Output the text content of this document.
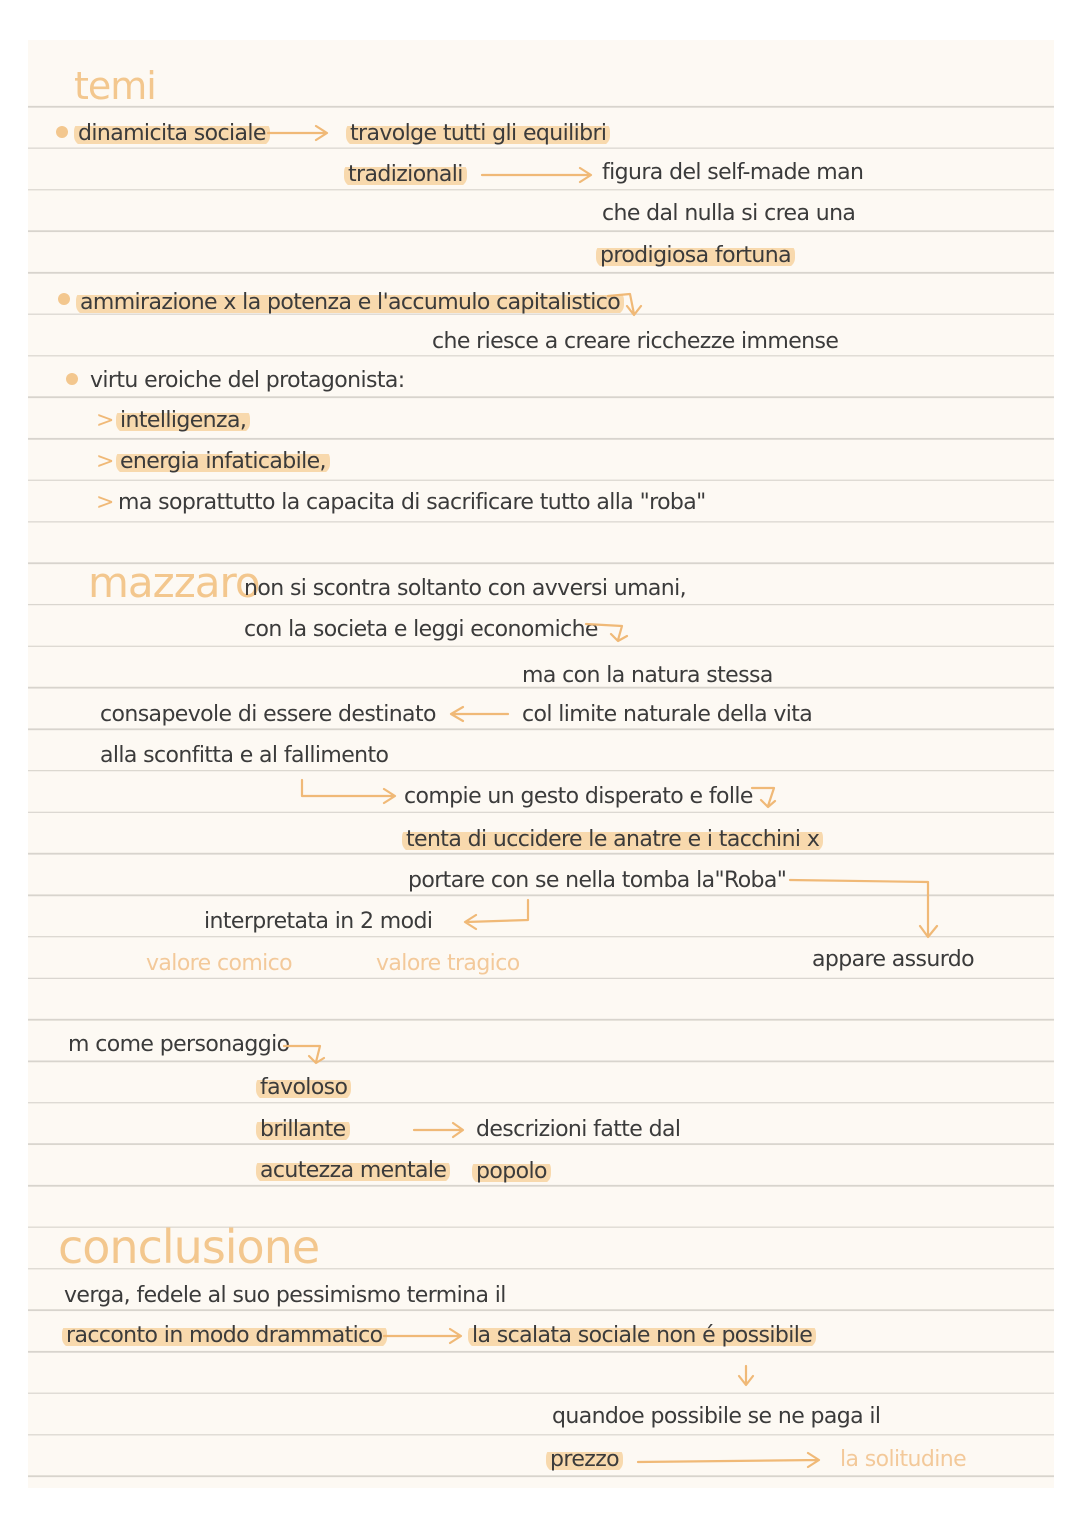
temi
dinamicita sociale	travolge tutti gli equilibri
tradizionali	figura del self-made man
che dal nulla si crea una
prodigiosa fortuna
ammirazione x la potenza e l'accumulo capitalistico
che riesce a creare ricchezze immense
virtu eroiche del protagonista:
> intelligenza,
> energia infaticabile,
> ma soprattutto la capacita di sacrificare tutto alla "roba"
mazzaro
non si scontra soltanto con avversi umani,
con la societa e leggi economiche
ma con la natura stessa
col limite naturale della vita
consapevole di essere destinato
alla sconfitta e al fallimento
compie un gesto disperato e folle
tenta di uccidere le anatre e i tacchini x
portare con se nella tomba la"Roba"
interpretata in 2 modi
valore comico	valore tragico	appare assurdo
m come personaggio
favoloso
brillante
acutezza mentale
descrizioni fatte dal
popolo
conclusione
verga, fedele al suo pessimismo termina il
racconto in modo drammatico	la scalata sociale non é possibile
quandoe possibile se ne paga il
prezzo	la solitudine
